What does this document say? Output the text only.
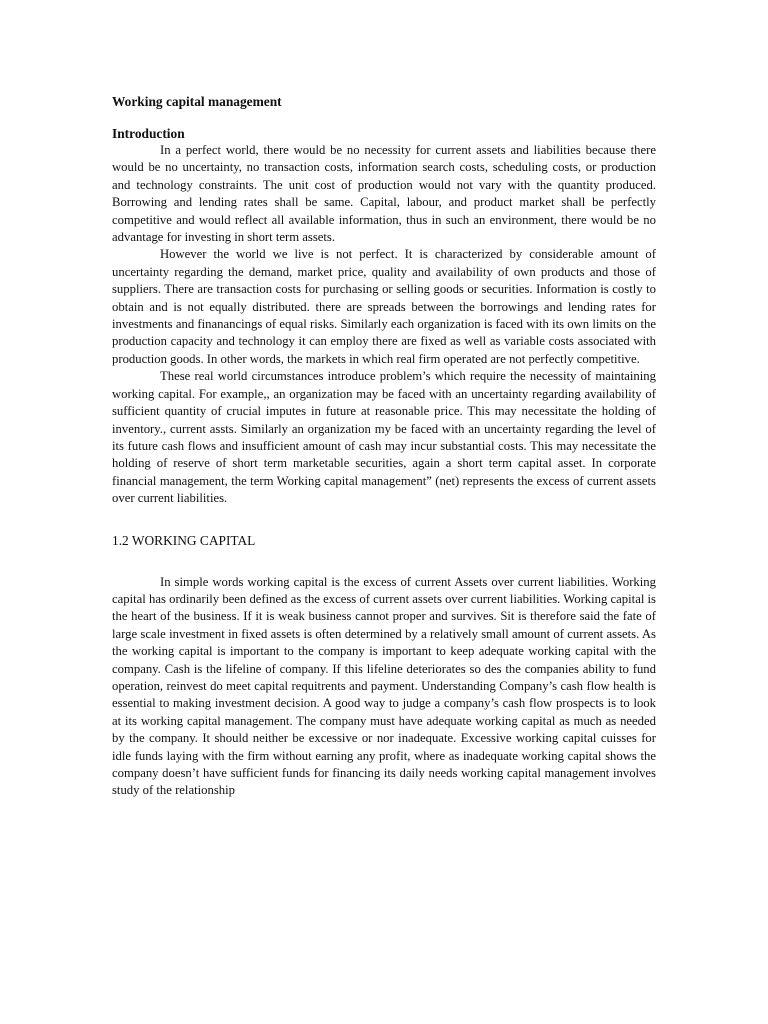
Working capital management
Introduction

In a perfect world, there would be no necessity for current assets and liabilities because there would be no uncertainty, no transaction costs, information search costs, scheduling costs, or production and technology constraints. The unit cost of production would not vary with the quantity produced. Borrowing and lending rates shall be same. Capital, labour, and product market shall be perfectly competitive and would reflect all available information, thus in such an environment, there would be no advantage for investing in short term assets.

However the world we live is not perfect. It is characterized by considerable amount of uncertainty regarding the demand, market price, quality and availability of own products and those of suppliers. There are transaction costs for purchasing or selling goods or securities. Information is costly to obtain and is not equally distributed. there are spreads between the borrowings and lending rates for investments and finanancings of equal risks. Similarly each organization is faced with its own limits on the production capacity and technology it can employ there are fixed as well as variable costs associated with production goods. In other words, the markets in which real firm operated are not perfectly competitive.

These real world circumstances introduce problem’s which require the necessity of maintaining working capital. For example,, an organization may be faced with an uncertainty regarding availability of sufficient quantity of crucial imputes in future at reasonable price. This may necessitate the holding of inventory., current assts. Similarly an organization my be faced with an uncertainty regarding the level of its future cash flows and insufficient amount of cash may incur substantial costs. This may necessitate the holding of reserve of short term marketable securities, again a short term capital asset. In corporate financial management, the term Working capital management” (net) represents the excess of current assets over current liabilities.

1.2 WORKING CAPITAL

In simple words working capital is the excess of current Assets over current liabilities. Working capital has ordinarily been defined as the excess of current assets over current liabilities. Working capital is the heart of the business. If it is weak business cannot proper and survives. Sit is therefore said the fate of large scale investment in fixed assets is often determined by a relatively small amount of current assets. As the working capital is important to the company is important to keep adequate working capital with the company. Cash is the lifeline of company. If this lifeline deteriorates so des the companies ability to fund operation, reinvest do meet capital requitrents and payment. Understanding Company’s cash flow health is essential to making investment decision. A good way to judge a company’s cash flow prospects is to look at its working capital management. The company must have adequate working capital as much as needed by the company. It should neither be excessive or nor inadequate. Excessive working capital cuisses for idle funds laying with the firm without earning any profit, where as inadequate working capital shows the company doesn’t have sufficient funds for financing its daily needs working capital management involves study of the relationship
